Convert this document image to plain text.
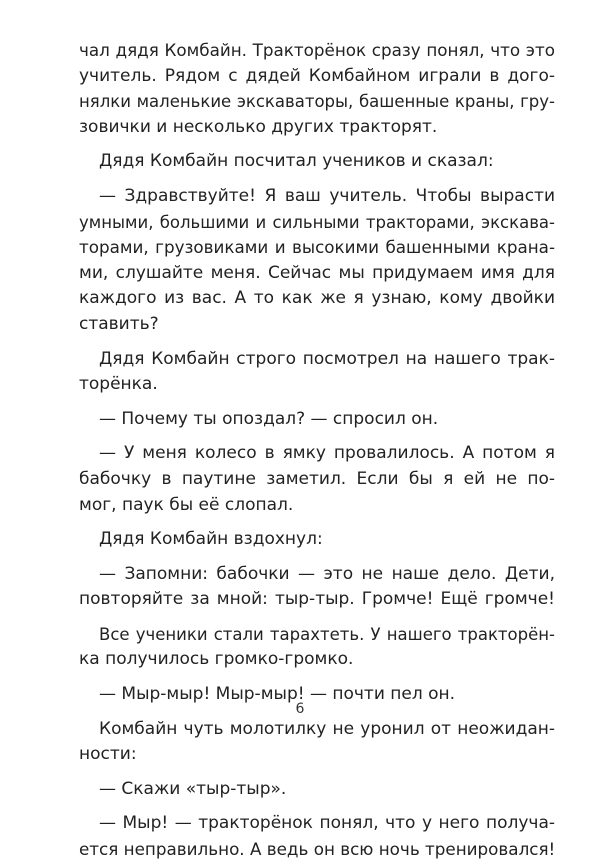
чал дядя Комбайн. Тракторёнок сразу понял, что это
учитель. Рядом с дядей Комбайном играли в дого-
нялки маленькие экскаваторы, башенные краны, гру-
зовички и несколько других тракторят.

Дядя Комбайн посчитал учеников и сказал:

— Здравствуйте! Я ваш учитель. Чтобы вырасти
умными, большими и сильными тракторами, экскава-
торами, грузовиками и высокими башенными крана-
ми, слушайте меня. Сейчас мы придумаем имя для
каждого из вас. А то как же я узнаю, кому двойки
ставить?

Дядя Комбайн строго посмотрел на нашего трак-
торёнка.

— Почему ты опоздал? — спросил он.

— У меня колесо в ямку провалилось. А потом я
бабочку в паутине заметил. Если бы я ей не по-
мог, паук бы её слопал.

Дядя Комбайн вздохнул:

— Запомни: бабочки — это не наше дело. Дети,
повторяйте за мной: тыр-тыр. Громче! Ещё громче!

Все ученики стали тарахтеть. У нашего тракторён-
ка получилось громко-громко.

— Мыр-мыр! Мыр-мыр! — почти пел он.

Комбайн чуть молотилку не уронил от неожидан-
ности:

— Скажи «тыр-тыр».

— Мыр! — тракторёнок понял, что у него получа-
ется неправильно. А ведь он всю ночь тренировался!

6
